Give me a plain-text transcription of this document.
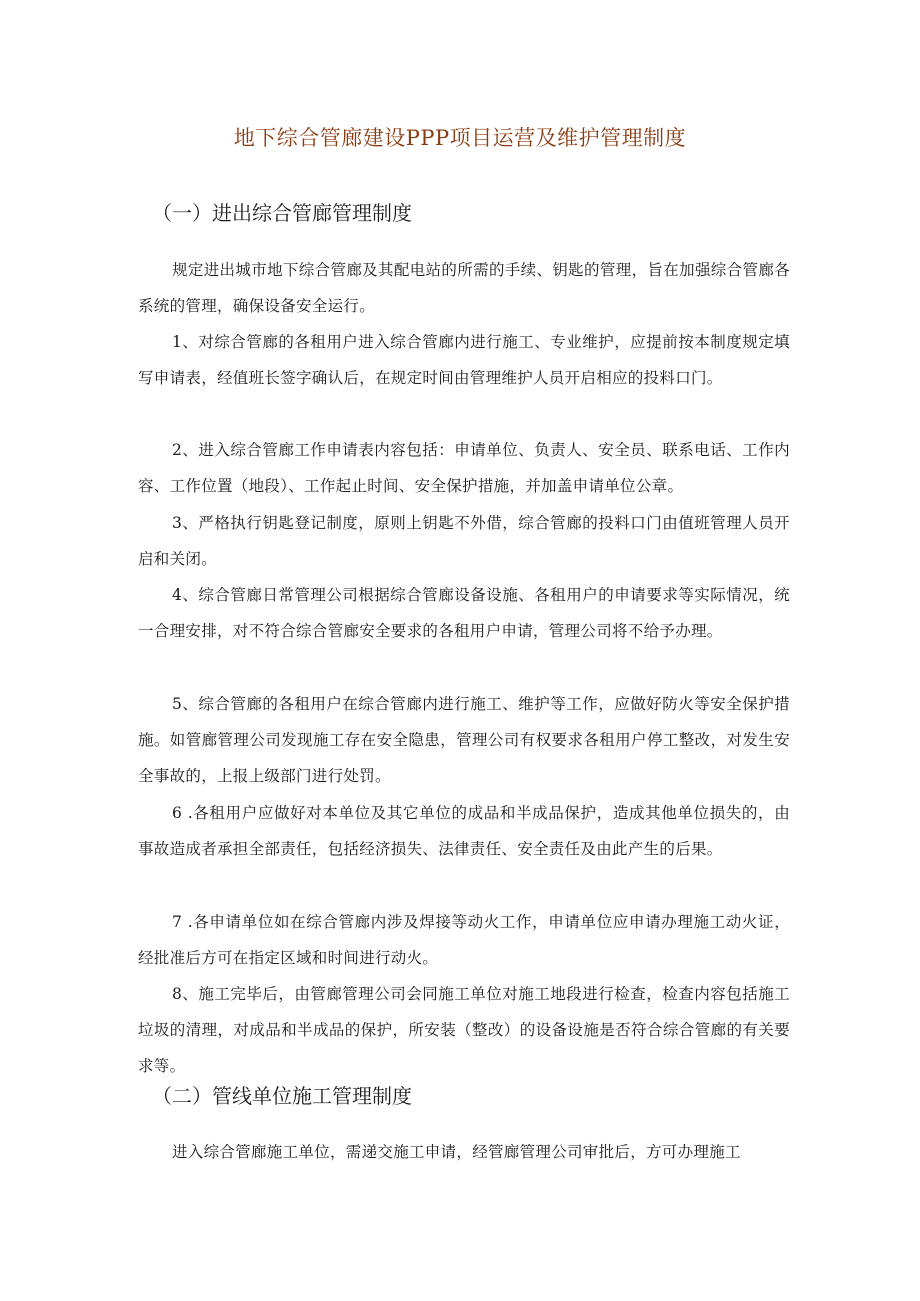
地下综合管廊建设PPP项目运营及维护管理制度
（一）进出综合管廊管理制度

规定进出城市地下综合管廊及其配电站的所需的手续、钥匙的管理，旨在加强综合管廊各系统的管理，确保设备安全运行。

1、对综合管廊的各租用户进入综合管廊内进行施工、专业维护，应提前按本制度规定填写申请表，经值班长签字确认后，在规定时间由管理维护人员开启相应的投料口门。

2、进入综合管廊工作申请表内容包括：申请单位、负责人、安全员、联系电话、工作内容、工作位置（地段）、工作起止时间、安全保护措施，并加盖申请单位公章。

3、严格执行钥匙登记制度，原则上钥匙不外借，综合管廊的投料口门由值班管理人员开启和关闭。

4、综合管廊日常管理公司根据综合管廊设备设施、各租用户的申请要求等实际情况，统一合理安排，对不符合综合管廊安全要求的各租用户申请，管理公司将不给予办理。

5、综合管廊的各租用户在综合管廊内进行施工、维护等工作，应做好防火等安全保护措施。如管廊管理公司发现施工存在安全隐患，管理公司有权要求各租用户停工整改，对发生安全事故的，上报上级部门进行处罚。

6 .各租用户应做好对本单位及其它单位的成品和半成品保护，造成其他单位损失的，由事故造成者承担全部责任，包括经济损失、法律责任、安全责任及由此产生的后果。

7 .各申请单位如在综合管廊内涉及焊接等动火工作，申请单位应申请办理施工动火证，经批准后方可在指定区域和时间进行动火。

8、施工完毕后，由管廊管理公司会同施工单位对施工地段进行检查，检查内容包括施工垃圾的清理，对成品和半成品的保护，所安装（整改）的设备设施是否符合综合管廊的有关要求等。

（二）管线单位施工管理制度

进入综合管廊施工单位，需递交施工申请，经管廊管理公司审批后，方可办理施工
